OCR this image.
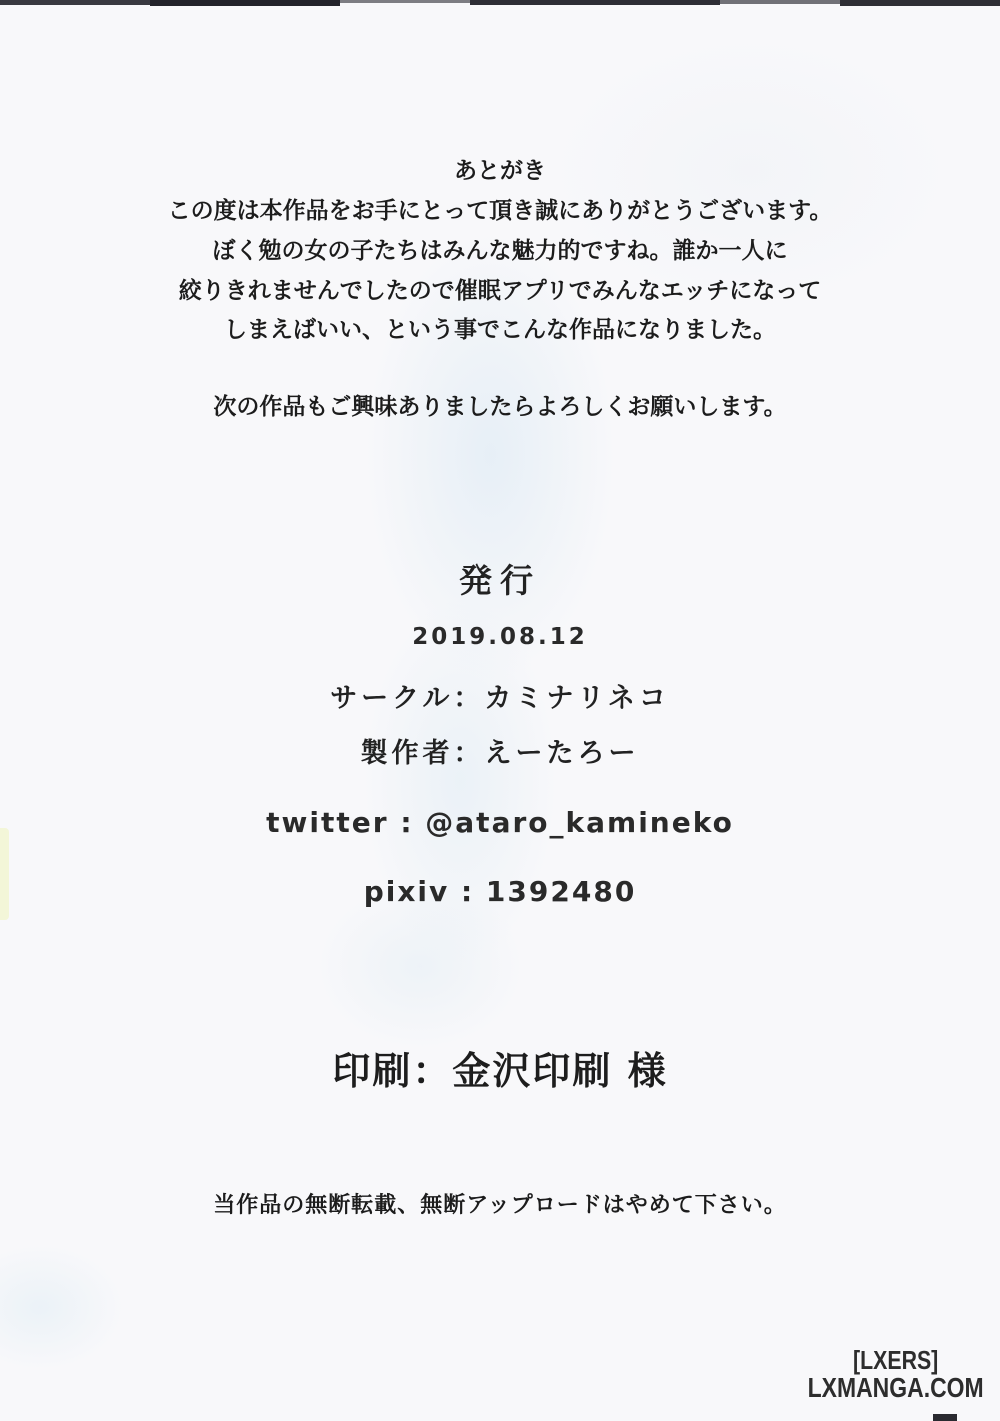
あとがき
この度は本作品をお手にとって頂き誠にありがとうございます。
ぼく勉の女の子たちはみんな魅力的ですね。誰か一人に
絞りきれませんでしたので催眠アプリでみんなエッチになって
しまえばいい、という事でこんな作品になりました。
次の作品もご興味ありましたらよろしくお願いします。
発行
2019.08.12
サークル：カミナリネコ
製作者：えーたろー
twitter : @ataro_kamineko
pixiv : 1392480
印刷：金沢印刷 様
当作品の無断転載、無断アップロードはやめて下さい。
[LXERS]
LXMANGA.COM
